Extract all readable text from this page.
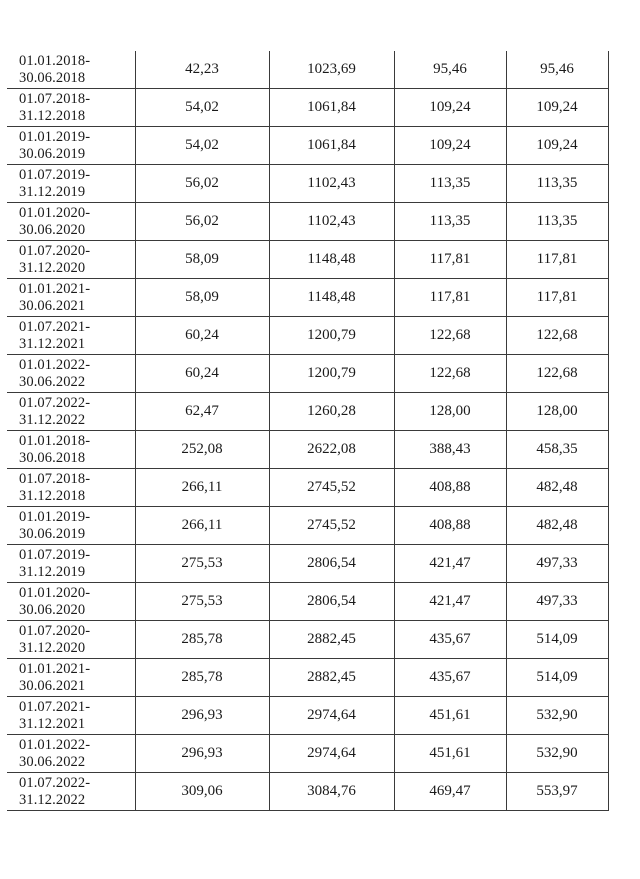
01.01.2018-
30.06.2018	42,23	1023,69	95,46	95,46

01.07.2018-
31.12.2018	54,02	1061,84	109,24	109,24

01.01.2019-
30.06.2019	54,02	1061,84	109,24	109,24

01.07.2019-
31.12.2019	56,02	1102,43	113,35	113,35

01.01.2020-
30.06.2020	56,02	1102,43	113,35	113,35

01.07.2020-
31.12.2020	58,09	1148,48	117,81	117,81

01.01.2021-
30.06.2021	58,09	1148,48	117,81	117,81

01.07.2021-
31.12.2021	60,24	1200,79	122,68	122,68

01.01.2022-
30.06.2022	60,24	1200,79	122,68	122,68

01.07.2022-
31.12.2022	62,47	1260,28	128,00	128,00

01.01.2018-
30.06.2018	252,08	2622,08	388,43	458,35

01.07.2018-
31.12.2018	266,11	2745,52	408,88	482,48

01.01.2019-
30.06.2019	266,11	2745,52	408,88	482,48

01.07.2019-
31.12.2019	275,53	2806,54	421,47	497,33

01.01.2020-
30.06.2020	275,53	2806,54	421,47	497,33

01.07.2020-
31.12.2020	285,78	2882,45	435,67	514,09

01.01.2021-
30.06.2021	285,78	2882,45	435,67	514,09

01.07.2021-
31.12.2021	296,93	2974,64	451,61	532,90

01.01.2022-
30.06.2022	296,93	2974,64	451,61	532,90

01.07.2022-
31.12.2022	309,06	3084,76	469,47	553,97
